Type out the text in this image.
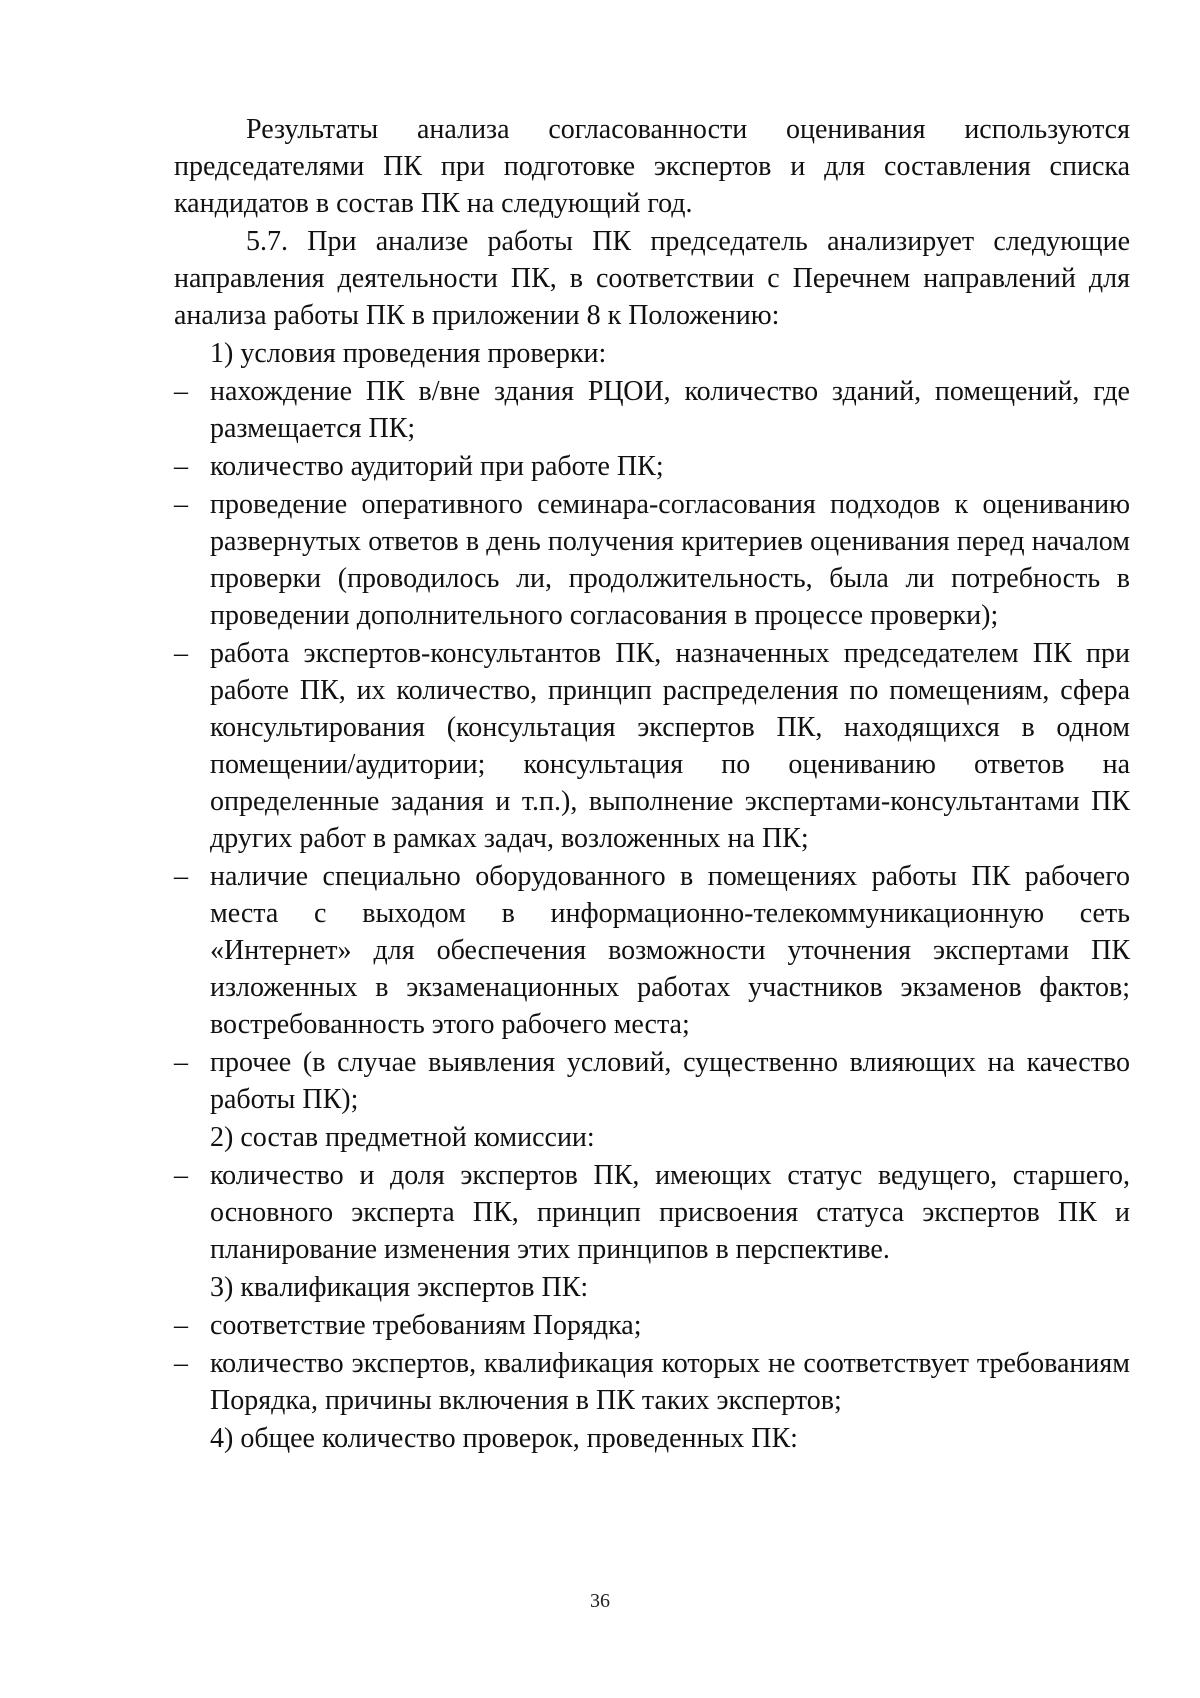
Результаты анализа согласованности оценивания используются председателями ПК при подготовке экспертов и для составления списка кандидатов в состав ПК на следующий год.

5.7. При анализе работы ПК председатель анализирует следующие направления деятельности ПК, в соответствии с Перечнем направлений для анализа работы ПК в приложении 8 к Положению:

1) условия проведения проверки:

– нахождение ПК в/вне здания РЦОИ, количество зданий, помещений, где размещается ПК;

– количество аудиторий при работе ПК;

– проведение оперативного семинара-согласования подходов к оцениванию развернутых ответов в день получения критериев оценивания перед началом проверки (проводилось ли, продолжительность, была ли потребность в проведении дополнительного согласования в процессе проверки);

– работа экспертов-консультантов ПК, назначенных председателем ПК при работе ПК, их количество, принцип распределения по помещениям, сфера консультирования (консультация экспертов ПК, находящихся в одном помещении/аудитории; консультация по оцениванию ответов на определенные задания и т.п.), выполнение экспертами-консультантами ПК других работ в рамках задач, возложенных на ПК;

– наличие специально оборудованного в помещениях работы ПК рабочего места с выходом в информационно-телекоммуникационную сеть «Интернет» для обеспечения возможности уточнения экспертами ПК изложенных в экзаменационных работах участников экзаменов фактов; востребованность этого рабочего места;

– прочее (в случае выявления условий, существенно влияющих на качество работы ПК);

2) состав предметной комиссии:

– количество и доля экспертов ПК, имеющих статус ведущего, старшего, основного эксперта ПК, принцип присвоения статуса экспертов ПК и планирование изменения этих принципов в перспективе.

3) квалификация экспертов ПК:

– соответствие требованиям Порядка;

– количество экспертов, квалификация которых не соответствует требованиям Порядка, причины включения в ПК таких экспертов;

4) общее количество проверок, проведенных ПК:

36
